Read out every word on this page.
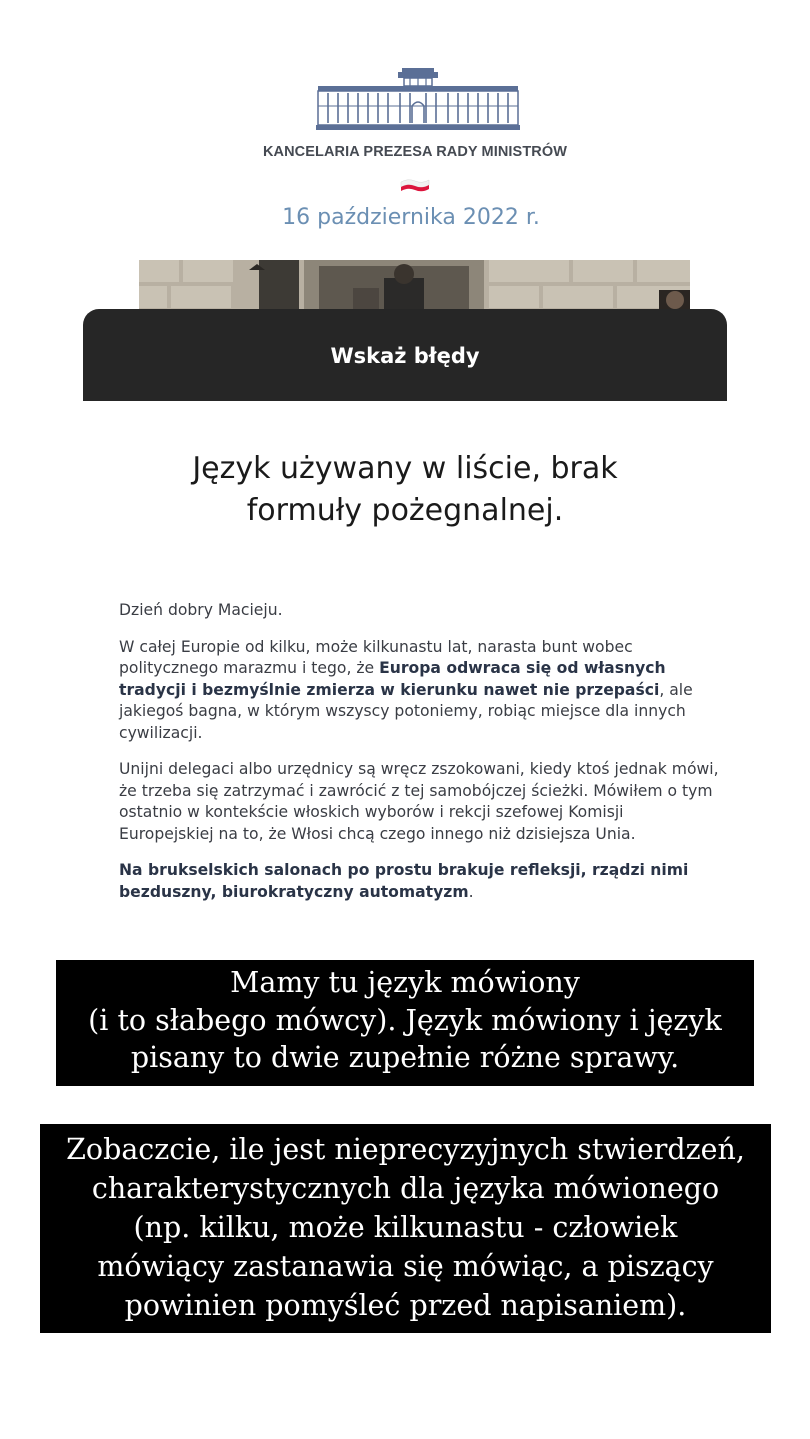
KANCELARIA PREZESA RADY MINISTRÓW
16 października 2022 r.
Wskaż błędy
Język używany w liście, brak
formuły pożegnalnej.

Dzień dobry Macieju.

W całej Europie od kilku, może kilkunastu lat, narasta bunt wobec politycznego marazmu i tego, że Europa odwraca się od własnych tradycji i bezmyślnie zmierza w kierunku nawet nie przepaści, ale jakiegoś bagna, w którym wszyscy potoniemy, robiąc miejsce dla innych cywilizacji.

Unijni delegaci albo urzędnicy są wręcz zszokowani, kiedy ktoś jednak mówi, że trzeba się zatrzymać i zawrócić z tej samobójczej ścieżki. Mówiłem o tym ostatnio w kontekście włoskich wyborów i rekcji szefowej Komisji Europejskiej na to, że Włosi chcą czego innego niż dzisiejsza Unia.

Na brukselskich salonach po prostu brakuje refleksji, rządzi nimi bezduszny, biurokratyczny automatyzm.

Mamy tu język mówiony
(i to słabego mówcy). Język mówiony i język
pisany to dwie zupełnie różne sprawy.
Zobaczcie, ile jest nieprecyzyjnych stwierdzeń,
charakterystycznych dla języka mówionego
(np. kilku, może kilkunastu - człowiek
mówiący zastanawia się mówiąc, a piszący
powinien pomyśleć przed napisaniem).
